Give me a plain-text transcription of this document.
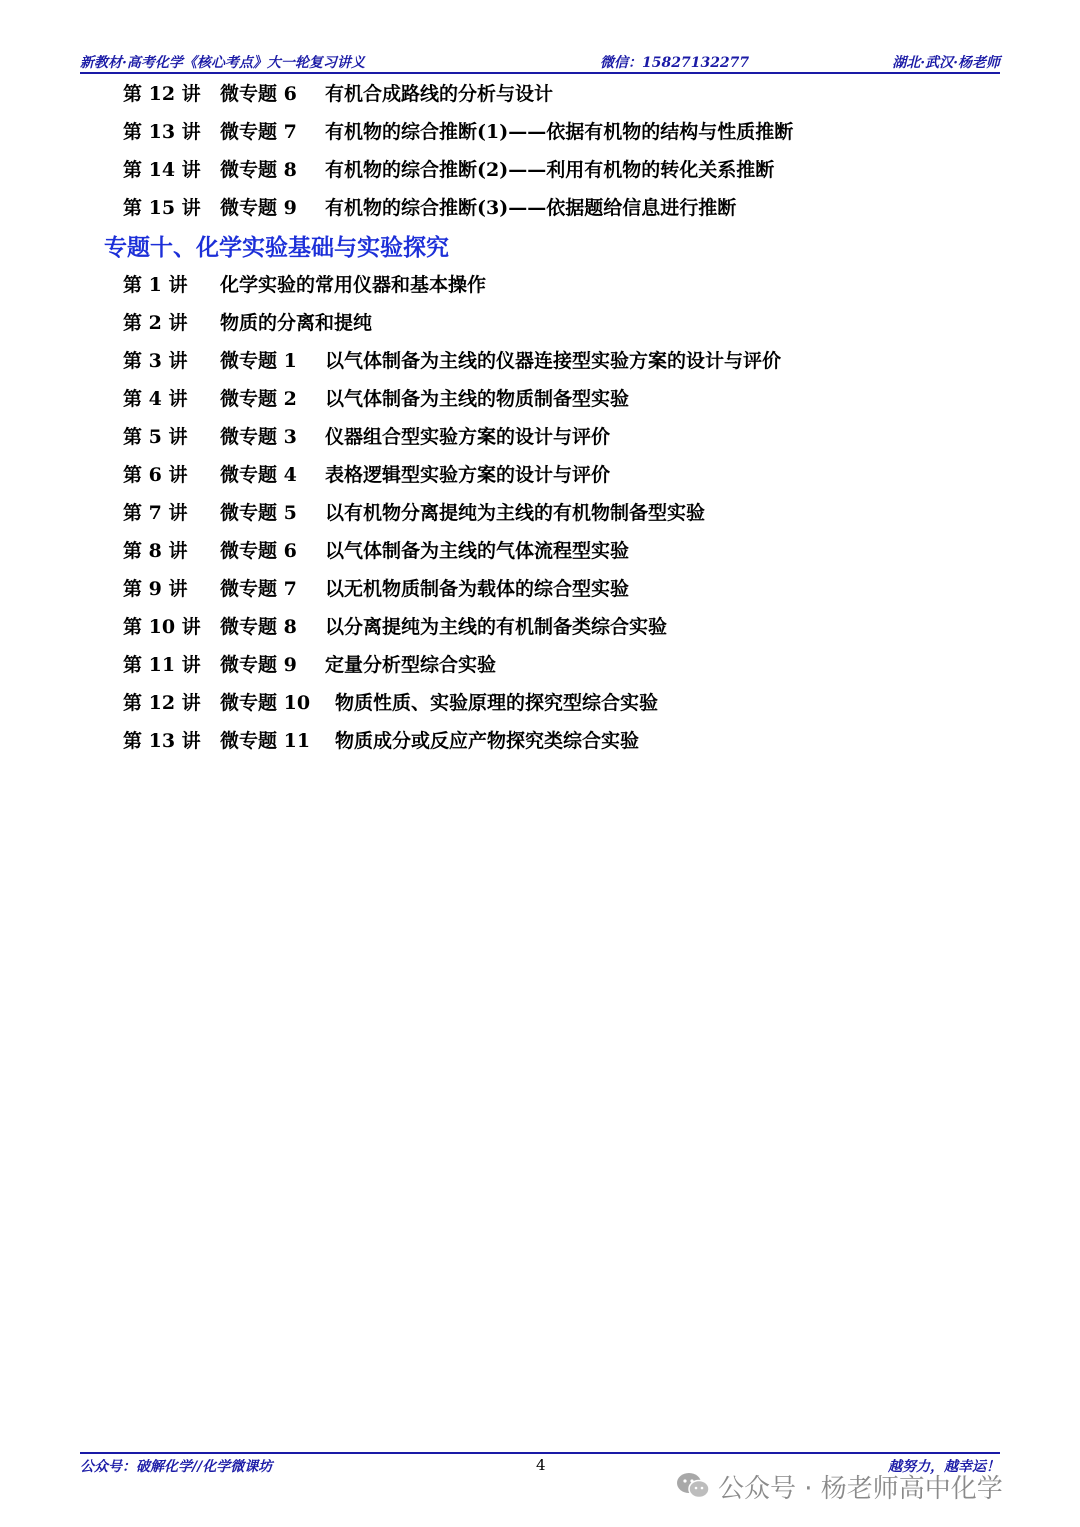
新教材·高考化学《核心考点》大一轮复习讲义	微信：15827132277	湖北·武汉·杨老师
第 12 讲 微专题 6 有机合成路线的分析与设计
第 13 讲 微专题 7 有机物的综合推断(1)——依据有机物的结构与性质推断
第 14 讲 微专题 8 有机物的综合推断(2)——利用有机物的转化关系推断
第 15 讲 微专题 9 有机物的综合推断(3)——依据题给信息进行推断
专题十、化学实验基础与实验探究
第 1 讲 化学实验的常用仪器和基本操作
第 2 讲 物质的分离和提纯
第 3 讲 微专题 1 以气体制备为主线的仪器连接型实验方案的设计与评价
第 4 讲 微专题 2 以气体制备为主线的物质制备型实验
第 5 讲 微专题 3 仪器组合型实验方案的设计与评价
第 6 讲 微专题 4 表格逻辑型实验方案的设计与评价
第 7 讲 微专题 5 以有机物分离提纯为主线的有机物制备型实验
第 8 讲 微专题 6 以气体制备为主线的气体流程型实验
第 9 讲 微专题 7 以无机物质制备为载体的综合型实验
第 10 讲 微专题 8 以分离提纯为主线的有机制备类综合实验
第 11 讲 微专题 9 定量分析型综合实验
第 12 讲 微专题 10 物质性质、实验原理的探究型综合实验
第 13 讲 微专题 11 物质成分或反应产物探究类综合实验
公众号：破解化学//化学微课坊	4	越努力，越幸运！
公众号 · 杨老师高中化学
